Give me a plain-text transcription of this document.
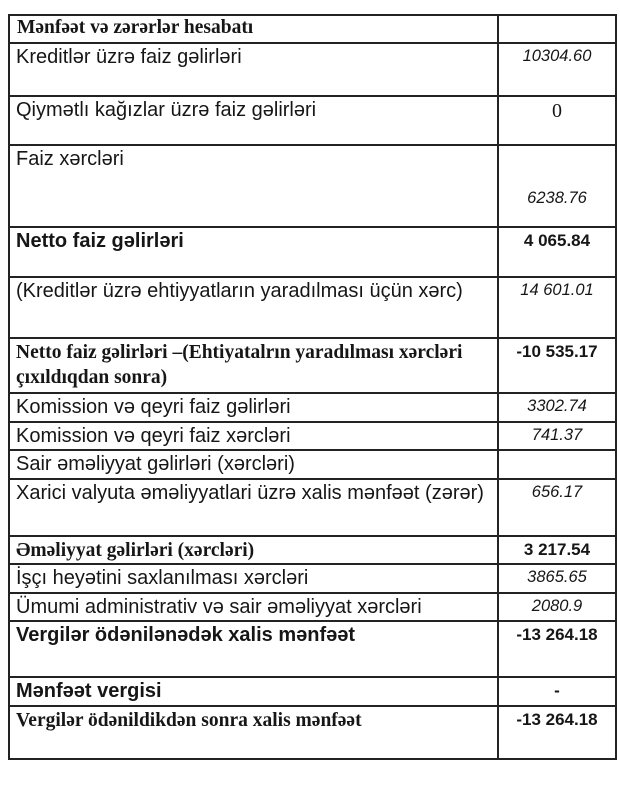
Mənfəət və zərərlər hesabatı	
Kreditlər üzrə faiz gəlirləri	10304.60
Qiymətlı kağızlar üzrə faiz gəlirləri	0
Faiz xərcləri	6238.76
Netto faiz gəlirləri	4 065.84
(Kreditlər üzrə ehtiyyatların yaradılması üçün xərc)	14 601.01
Netto faiz gəlirləri –(Ehtiyatalrın yaradılması xərcləri çıxıldıqdan sonra)	-10 535.17
Komission və qeyri faiz gəlirləri	3302.74
Komission və qeyri faiz xərcləri	741.37
Sair əməliyyat gəlirləri (xərcləri)	
Xarici valyuta əməliyyatlari üzrə xalis mənfəət (zərər)	656.17
Əməliyyat gəlirləri (xərcləri)	3 217.54
İşçı heyətini saxlanılması xərcləri	3865.65
Ümumi administrativ və sair əməliyyat xərcləri	2080.9
Vergilər ödənilənədək xalis mənfəət	-13 264.18
Mənfəət vergisi	-
Vergilər ödənildikdən sonra xalis mənfəət	-13 264.18
